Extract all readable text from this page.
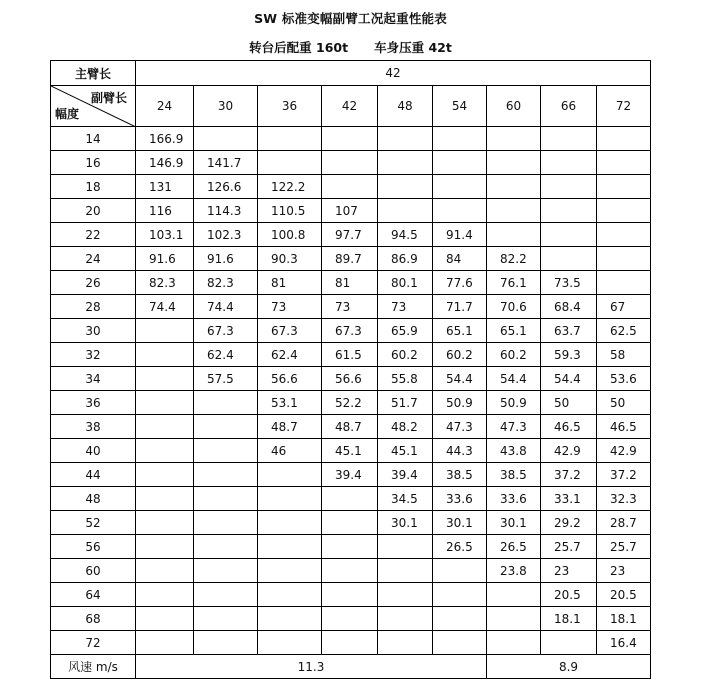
SW 标准变幅副臂工况起重性能表
转台后配重 160t 车身压重 42t
主臂长	42								

副臂长
幅度	24	30	36	42	48	54	60	66	72
14	166.9								
16	146.9	141.7							
18	131	126.6	122.2						
20	116	114.3	110.5	107					
22	103.1	102.3	100.8	97.7	94.5	91.4			
24	91.6	91.6	90.3	89.7	86.9	84	82.2		
26	82.3	82.3	81	81	80.1	77.6	76.1	73.5	
28	74.4	74.4	73	73	73	71.7	70.6	68.4	67
30		67.3	67.3	67.3	65.9	65.1	65.1	63.7	62.5
32		62.4	62.4	61.5	60.2	60.2	60.2	59.3	58
34		57.5	56.6	56.6	55.8	54.4	54.4	54.4	53.6
36			53.1	52.2	51.7	50.9	50.9	50	50
38			48.7	48.7	48.2	47.3	47.3	46.5	46.5
40			46	45.1	45.1	44.3	43.8	42.9	42.9
44				39.4	39.4	38.5	38.5	37.2	37.2
48					34.5	33.6	33.6	33.1	32.3
52					30.1	30.1	30.1	29.2	28.7
56						26.5	26.5	25.7	25.7
60							23.8	23	23
64								20.5	20.5
68								18.1	18.1
72									16.4
风速 m/s	11.3						8.9		
